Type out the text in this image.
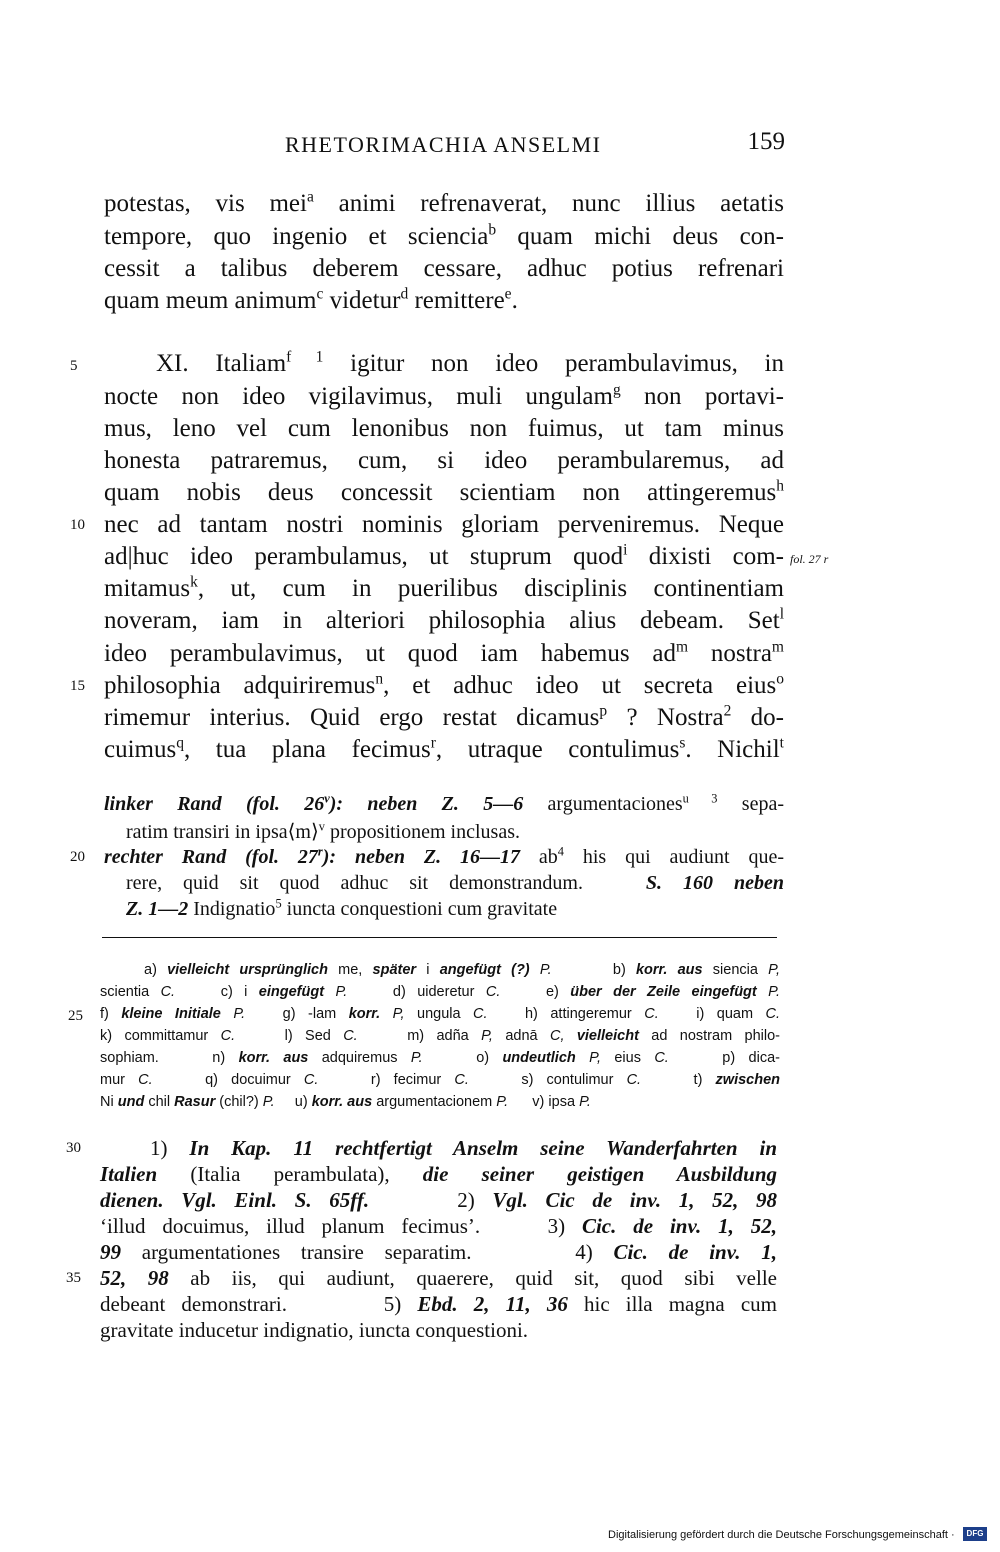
RHETORIMACHIA ANSELMI	159
potestas, vis mei$^a$ animi refrenaverat, nunc illius aetatis
tempore, quo ingenio et sciencia$^b$ quam michi deus con-
cessit a talibus deberem cessare, adhuc potius refrenari
quam meum animum$^c$ videtur$^d$ remittere$^e$.
5	XI. Italiam$^{f 1}$ igitur non ideo perambulavimus, in
nocte non ideo vigilavimus, muli ungulam$^g$ non portavi-
mus, leno vel cum lenonibus non fuimus, ut tam minus
honesta patraremus, cum, si ideo perambularemus, ad
quam nobis deus concessit scientiam non attingeremus$^h$
10 nec ad tantam nostri nominis gloriam perveniremus. Neque
ad|huc ideo perambulamus, ut stuprum quod$^i$ dixisti com-
mitamus$^k$, ut, cum in puerilibus disciplinis continentiam
noveram, iam in alteriori philosophia alius debeam. Set$^l$
ideo perambulavimus, ut quod iam habemus $ad^m$ nostra$^m$
15 philosophia adquiriremus$^n$, et adhuc ideo ut secreta eius$^o$
rimemur interius. Quid ergo restat dicamus$^p$ ? Nostra$^2$ do-
cuimus$^q$, tua plana fecimus$^r$, utraque contulimus$^s$. Nichil$^t$
fol. 27 r
linker Rand (fol. 26$^v$): neben Z. 5—6 argumentaciones$^{u 3}$ sepa-
ratim transiri in ipsa⟨m⟩$^v$ propositionem inclusas.
20 rechter Rand (fol. 27$^r$): neben Z. 16—17 $ab^4$ his qui audiunt que-
rere, quid sit quod adhuc sit demonstrandum.   S. 160 neben
Z. 1—2 Indignatio$^5$ iuncta conquestioni cum gravitate
a) vielleicht ursprünglich me, später i angefügt (?) P.      b) korr. aus siencia P,
scientia C.    c) i eingefügt P.    d) uideretur C.    e) über der Zeile eingefügt P.
25 f) kleine Initiale P.   g) -lam korr. P, ungula C.   h) attingeremur C.   i) quam C.
k) committamur C.    l) Sed C.    m) adña P, adnā C, vielleicht ad nostram philo-
sophiam.    n) korr. aus adquiremus P.    o) undeutlich P, eius C.    p) dica-
mur C.    q) docuimur C.    r) fecimur C.    s) contulimur C.    t) zwischen
Ni und chil Rasur (chil?) P.     u) korr. aus argumentacionem P.      v) ipsa P.
30	1) In Kap. 11 rechtfertigt Anselm seine Wanderfahrten in
Italien (Italia perambulata), die seiner geistigen Ausbildung
dienen. Vgl. Einl. S. 65ff.     2) Vgl. Cic de inv. 1, 52, 98
‘illud docuimus, illud planum fecimus’.    3) Cic. de inv. 1, 52,
99 argumentationes transire separatim.     4) Cic. de inv. 1,
35 52, 98 ab iis, qui audiunt, quaerere, quid sit, quod sibi velle
debeant demonstrari.      5) Ebd. 2, 11, 36 hic illa magna cum
gravitate inducetur indignatio, iuncta conquestioni.
Digitalisierung gefördert durch die Deutsche Forschungsgemeinschaft ·	DFG
